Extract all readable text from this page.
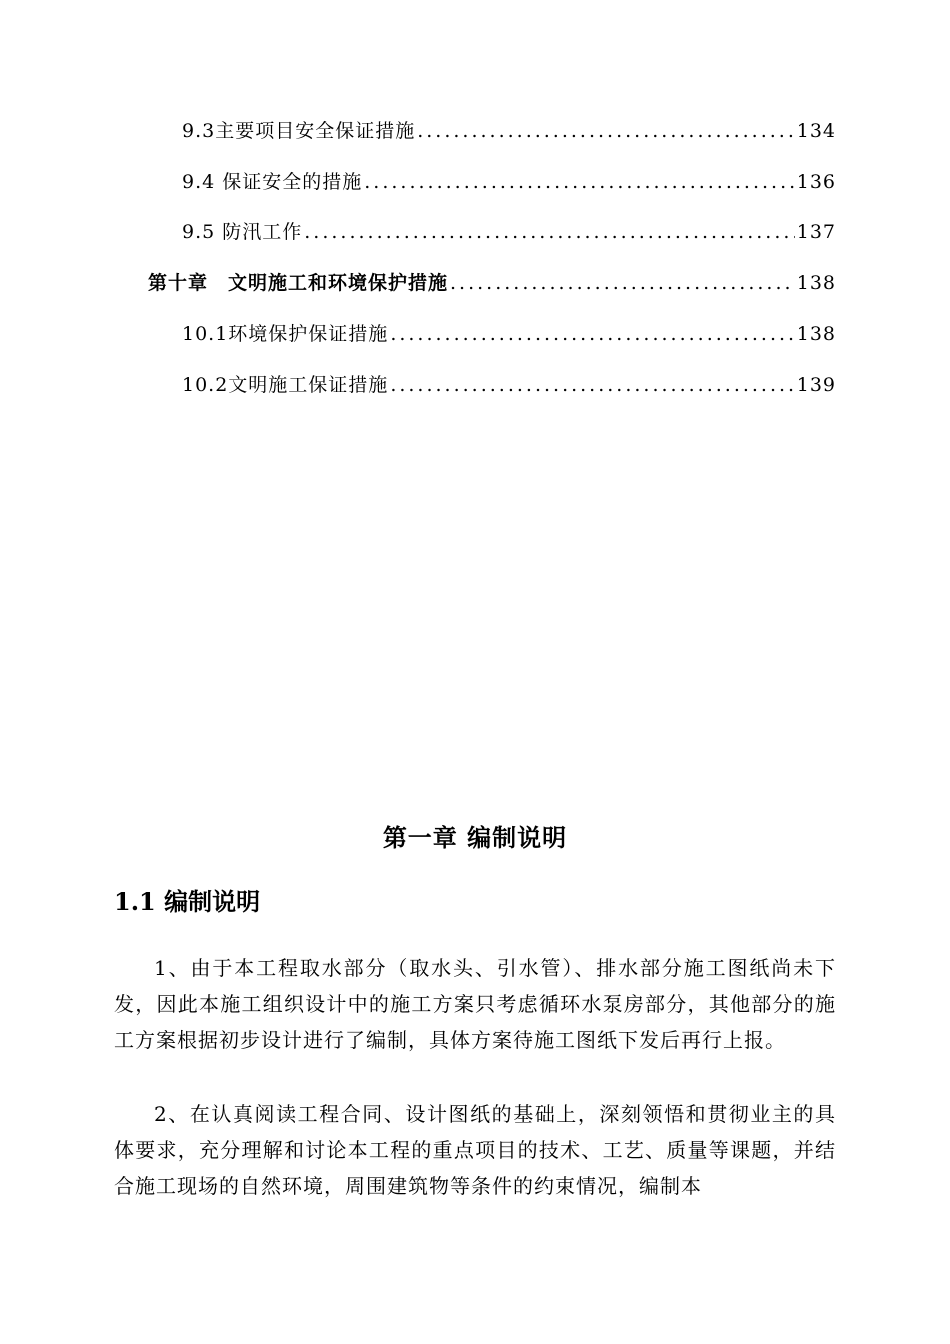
9.3主要项目安全保证措施 .....	134
9.4 保证安全的措施 .....	136
9.5 防汛工作 .....	137
第十章　文明施工和环境保护措施 .....	138
10.1环境保护保证措施 .....	138
10.2文明施工保证措施 .....	139
第一章 编制说明
1.1 编制说明

1、由于本工程取水部分（取水头、引水管）、排水部分施工图纸尚未下发，因此本施工组织设计中的施工方案只考虑循环水泵房部分，其他部分的施工方案根据初步设计进行了编制，具体方案待施工图纸下发后再行上报。

2、在认真阅读工程合同、设计图纸的基础上，深刻领悟和贯彻业主的具体要求，充分理解和讨论本工程的重点项目的技术、工艺、质量等课题，并结合施工现场的自然环境，周围建筑物等条件的约束情况，编制本
